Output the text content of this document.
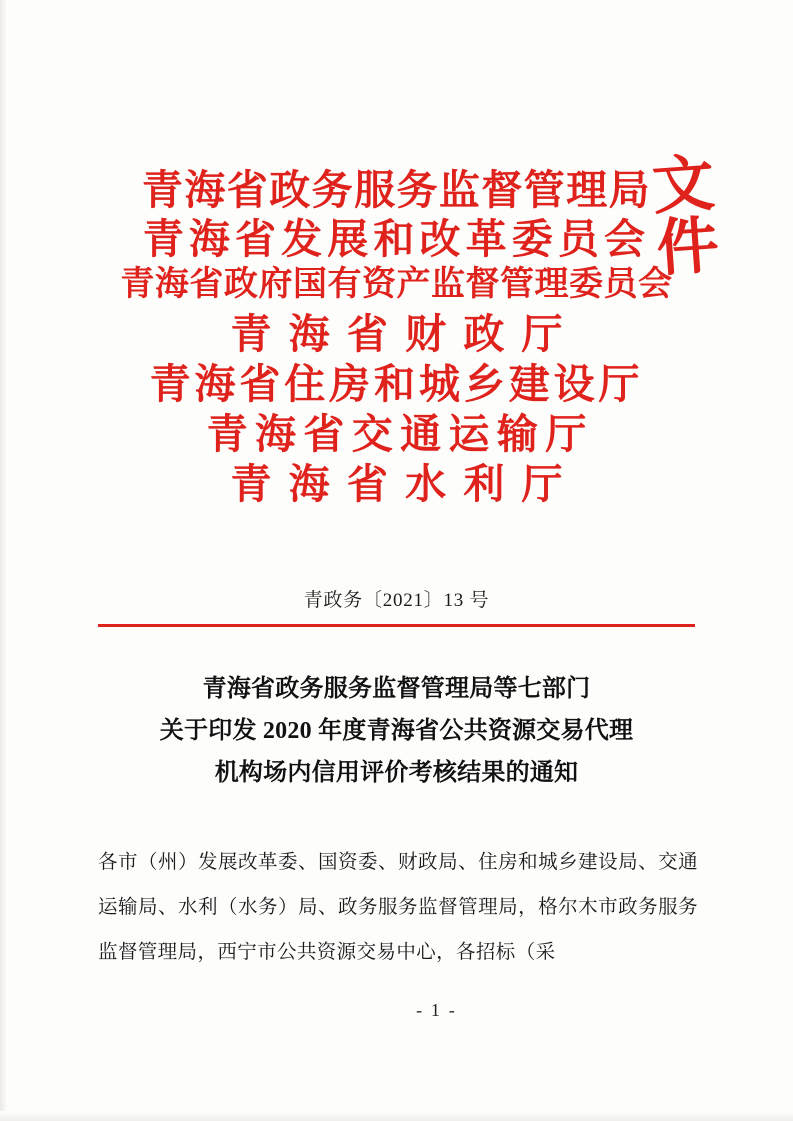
青海省政务服务监督管理局
青海省发展和改革委员会
青海省政府国有资产监督管理委员会
青海省财政厅
青海省住房和城乡建设厅
青海省交通运输厅
青海省水利厅
文件
青政务〔2021〕13 号
青海省政务服务监督管理局等七部门
关于印发 2020 年度青海省公共资源交易代理
机构场内信用评价考核结果的通知

各市（州）发展改革委、国资委、财政局、住房和城乡建设局、交通运输局、水利（水务）局、政务服务监督管理局，格尔木市政务服务监督管理局，西宁市公共资源交易中心，各招标（采

- 1 -
